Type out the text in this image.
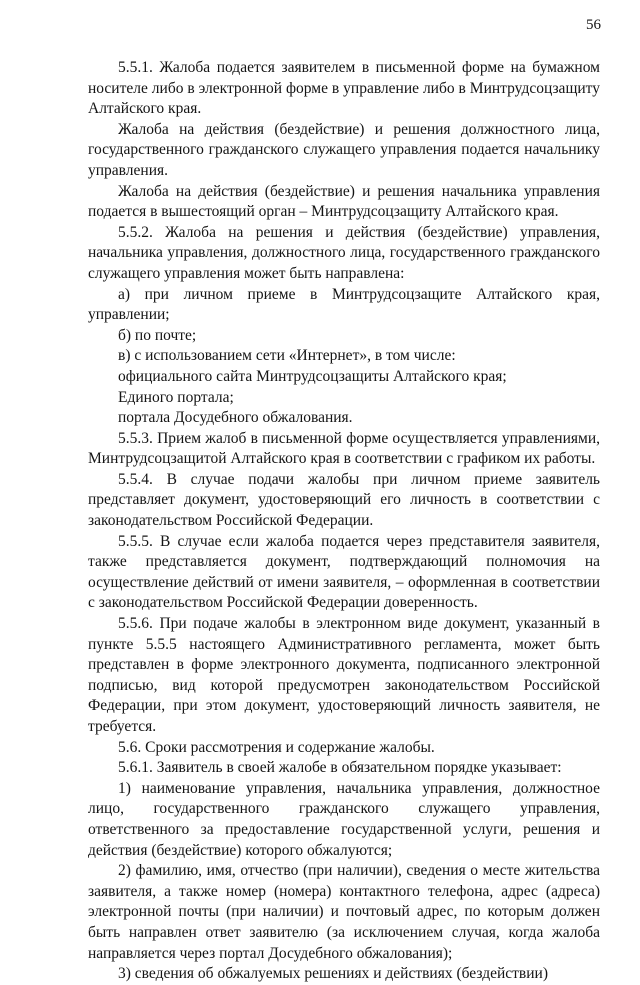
56

5.5.1. Жалоба подается заявителем в письменной форме на бумажном носителе либо в электронной форме в управление либо в Минтрудсоцзащиту Алтайского края.

Жалоба на действия (бездействие) и решения должностного лица, государственного гражданского служащего управления подается начальнику управления.

Жалоба на действия (бездействие) и решения начальника управления подается в вышестоящий орган – Минтрудсоцзащиту Алтайского края.

5.5.2. Жалоба на решения и действия (бездействие) управления, начальника управления, должностного лица, государственного гражданского служащего управления может быть направлена:

а) при личном приеме в Минтрудсоцзащите Алтайского края, управлении;

б) по почте;

в) с использованием сети «Интернет», в том числе:

официального сайта Минтрудсоцзащиты Алтайского края;

Единого портала;

портала Досудебного обжалования.

5.5.3. Прием жалоб в письменной форме осуществляется управлениями, Минтрудсоцзащитой Алтайского края в соответствии с графиком их работы.

5.5.4. В случае подачи жалобы при личном приеме заявитель представляет документ, удостоверяющий его личность в соответствии с законодательством Российской Федерации.

5.5.5. В случае если жалоба подается через представителя заявителя, также представляется документ, подтверждающий полномочия на осуществление действий от имени заявителя, – оформленная в соответствии с законодательством Российской Федерации доверенность.

5.5.6. При подаче жалобы в электронном виде документ, указанный в пункте 5.5.5 настоящего Административного регламента, может быть представлен в форме электронного документа, подписанного электронной подписью, вид которой предусмотрен законодательством Российской Федерации, при этом документ, удостоверяющий личность заявителя, не требуется.

5.6. Сроки рассмотрения и содержание жалобы.

5.6.1. Заявитель в своей жалобе в обязательном порядке указывает:

1) наименование управления, начальника управления, должностное лицо, государственного гражданского служащего управления, ответственного за предоставление государственной услуги, решения и действия (бездействие) которого обжалуются;

2) фамилию, имя, отчество (при наличии), сведения о месте жительства заявителя, а также номер (номера) контактного телефона, адрес (адреса) электронной почты (при наличии) и почтовый адрес, по которым должен быть направлен ответ заявителю (за исключением случая, когда жалоба направляется через портал Досудебного обжалования);

3) сведения об обжалуемых решениях и действиях (бездействии)
